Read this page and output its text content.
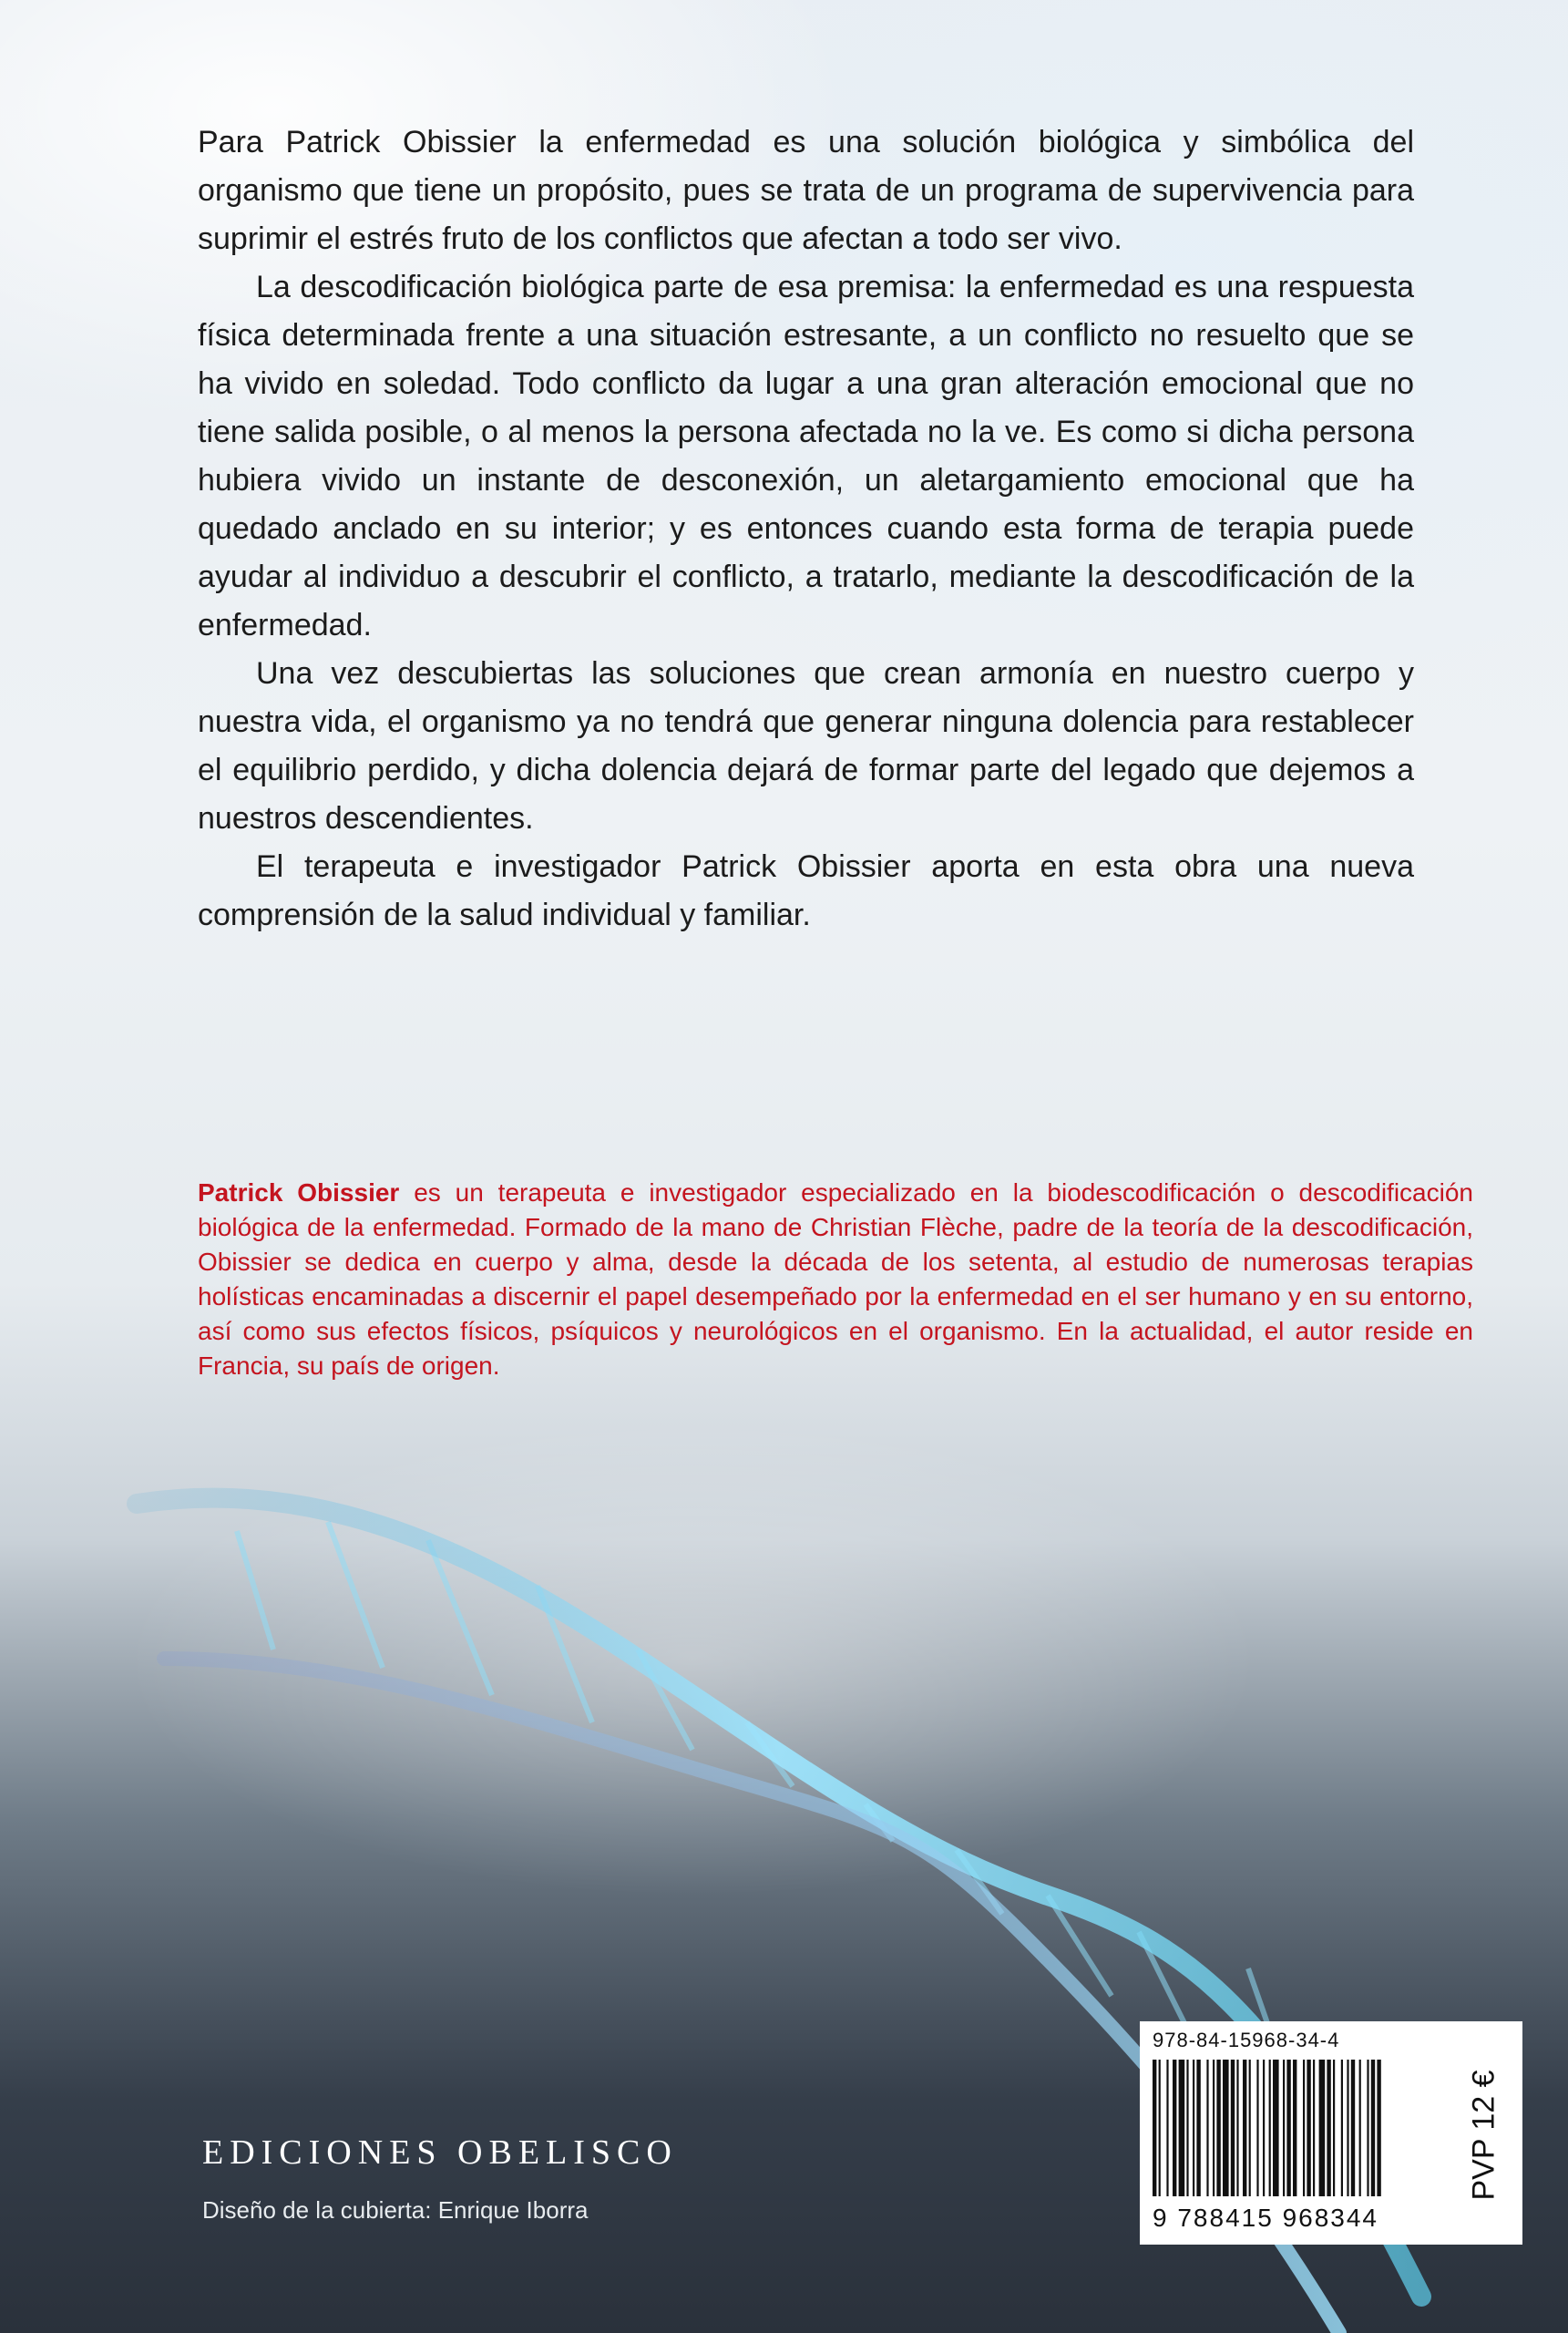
Para Patrick Obissier la enfermedad es una solución biológica y simbólica del organismo que tiene un propósito, pues se trata de un programa de supervivencia para suprimir el estrés fruto de los conflictos que afectan a todo ser vivo.

La descodificación biológica parte de esa premisa: la enfermedad es una respuesta física determinada frente a una situación estresante, a un conflicto no resuelto que se ha vivido en soledad. Todo conflicto da lugar a una gran alteración emocional que no tiene salida posible, o al menos la persona afectada no la ve. Es como si dicha persona hubiera vivido un instante de desconexión, un aletargamiento emocional que ha quedado anclado en su interior; y es entonces cuando esta forma de terapia puede ayudar al individuo a descubrir el conflicto, a tratarlo, mediante la descodificación de la enfermedad.

Una vez descubiertas las soluciones que crean armonía en nuestro cuerpo y nuestra vida, el organismo ya no tendrá que generar ninguna dolencia para restablecer el equilibrio perdido, y dicha dolencia dejará de formar parte del legado que dejemos a nuestros descendientes.

El terapeuta e investigador Patrick Obissier aporta en esta obra una nueva comprensión de la salud individual y familiar.

Patrick Obissier es un terapeuta e investigador especializado en la biodescodificación o descodificación biológica de la enfermedad. Formado de la mano de Christian Flèche, padre de la teoría de la descodificación, Obissier se dedica en cuerpo y alma, desde la década de los setenta, al estudio de numerosas terapias holísticas encaminadas a discernir el papel desempeñado por la enfermedad en el ser humano y en su entorno, así como sus efectos físicos, psíquicos y neurológicos en el organismo. En la actualidad, el autor reside en Francia, su país de origen.
EDICIONES OBELISCO
Diseño de la cubierta: Enrique Iborra
978-84-15968-34-4
9 788415 968344
PVP 12 €
